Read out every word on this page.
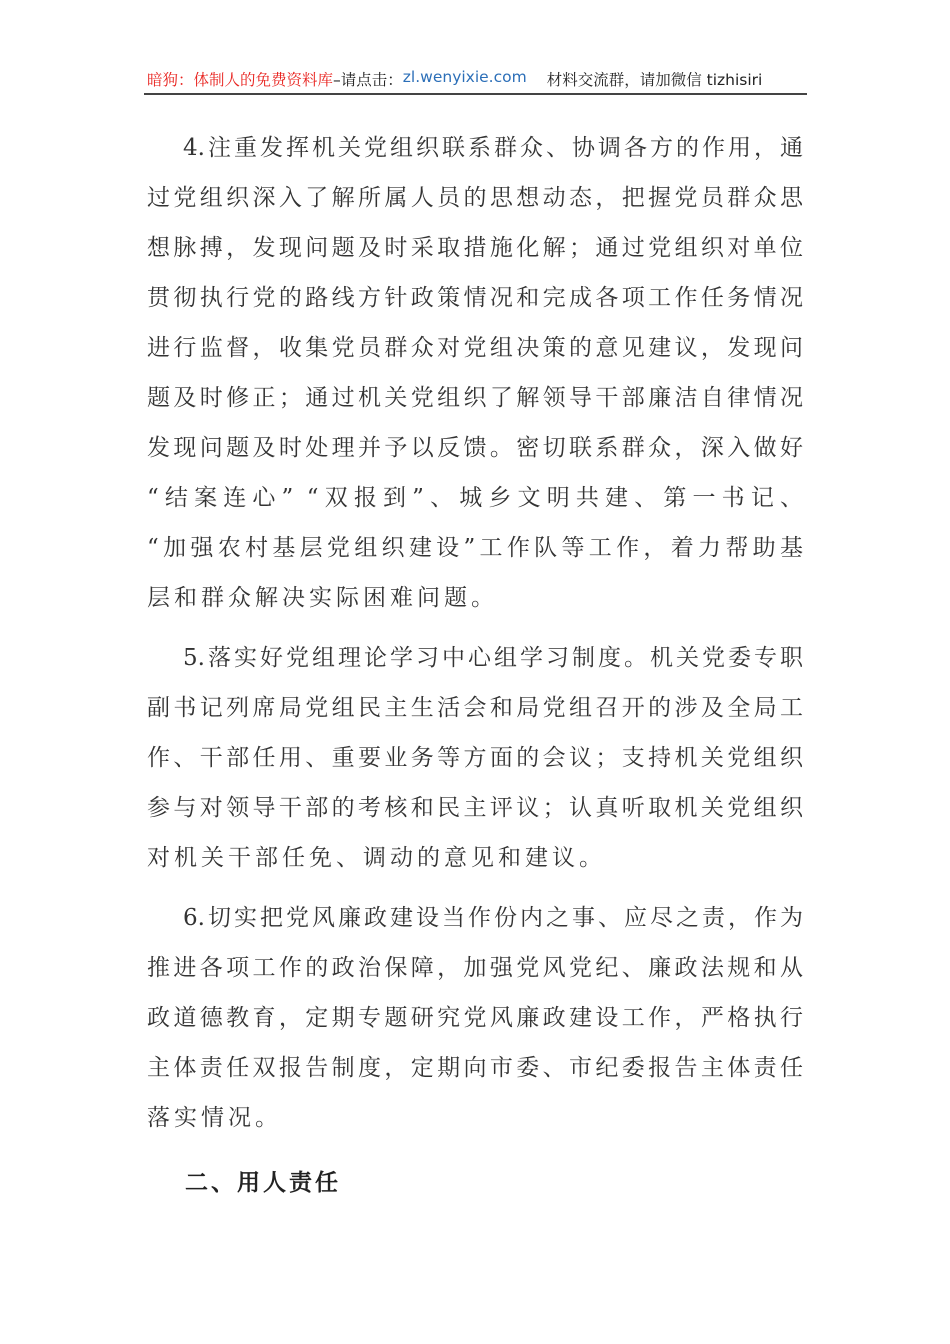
暗狗：体制人的免费资料库 –请点击： zl.wenyixie.com 材料交流群，请加微信 tizhisiri
4.注重发挥机关党组织联系群众、协调各方的作用，通
过党组织深入了解所属人员的思想动态，把握党员群众思
想脉搏，发现问题及时采取措施化解；通过党组织对单位
贯彻执行党的路线方针政策情况和完成各项工作任务情况
进行监督，收集党员群众对党组决策的意见建议，发现问
题及时修正；通过机关党组织了解领导干部廉洁自律情况
发现问题及时处理并予以反馈。密切联系群众，深入做好
“结案连心” “双报到”、城乡文明共建、第一书记、
“加强农村基层党组织建设”工作队等工作，着力帮助基
层和群众解决实际困难问题。
5.落实好党组理论学习中心组学习制度。机关党委专职
副书记列席局党组民主生活会和局党组召开的涉及全局工
作、干部任用、重要业务等方面的会议；支持机关党组织
参与对领导干部的考核和民主评议；认真听取机关党组织
对机关干部任免、调动的意见和建议。
6.切实把党风廉政建设当作份内之事、应尽之责，作为
推进各项工作的政治保障，加强党风党纪、廉政法规和从
政道德教育，定期专题研究党风廉政建设工作，严格执行
主体责任双报告制度，定期向市委、市纪委报告主体责任
落实情况。
二、用人责任
